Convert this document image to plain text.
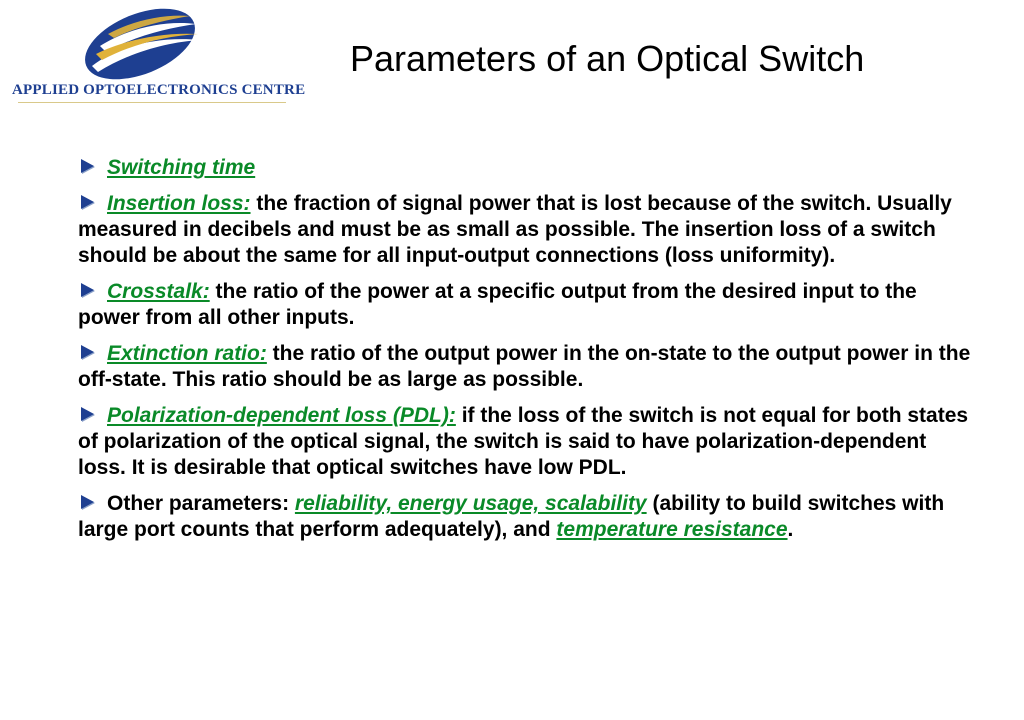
APPLIED OPTOELECTRONICS CENTRE
Parameters of an Optical Switch
Switching time
Insertion loss: the fraction of signal power that is lost because of the switch. Usually measured in decibels and must be as small as possible. The insertion loss of a switch should be about the same for all input-output connections (loss uniformity).
Crosstalk: the ratio of the power at a specific output from the desired input to the power from all other inputs.
Extinction ratio: the ratio of the output power in the on-state to the output power in the off-state. This ratio should be as large as possible.
Polarization-dependent loss (PDL): if the loss of the switch is not equal for both states of polarization of the optical signal, the switch is said to have polarization-dependent loss. It is desirable that optical switches have low PDL.
Other parameters: reliability, energy usage, scalability (ability to build switches with large port counts that perform adequately), and temperature resistance.
